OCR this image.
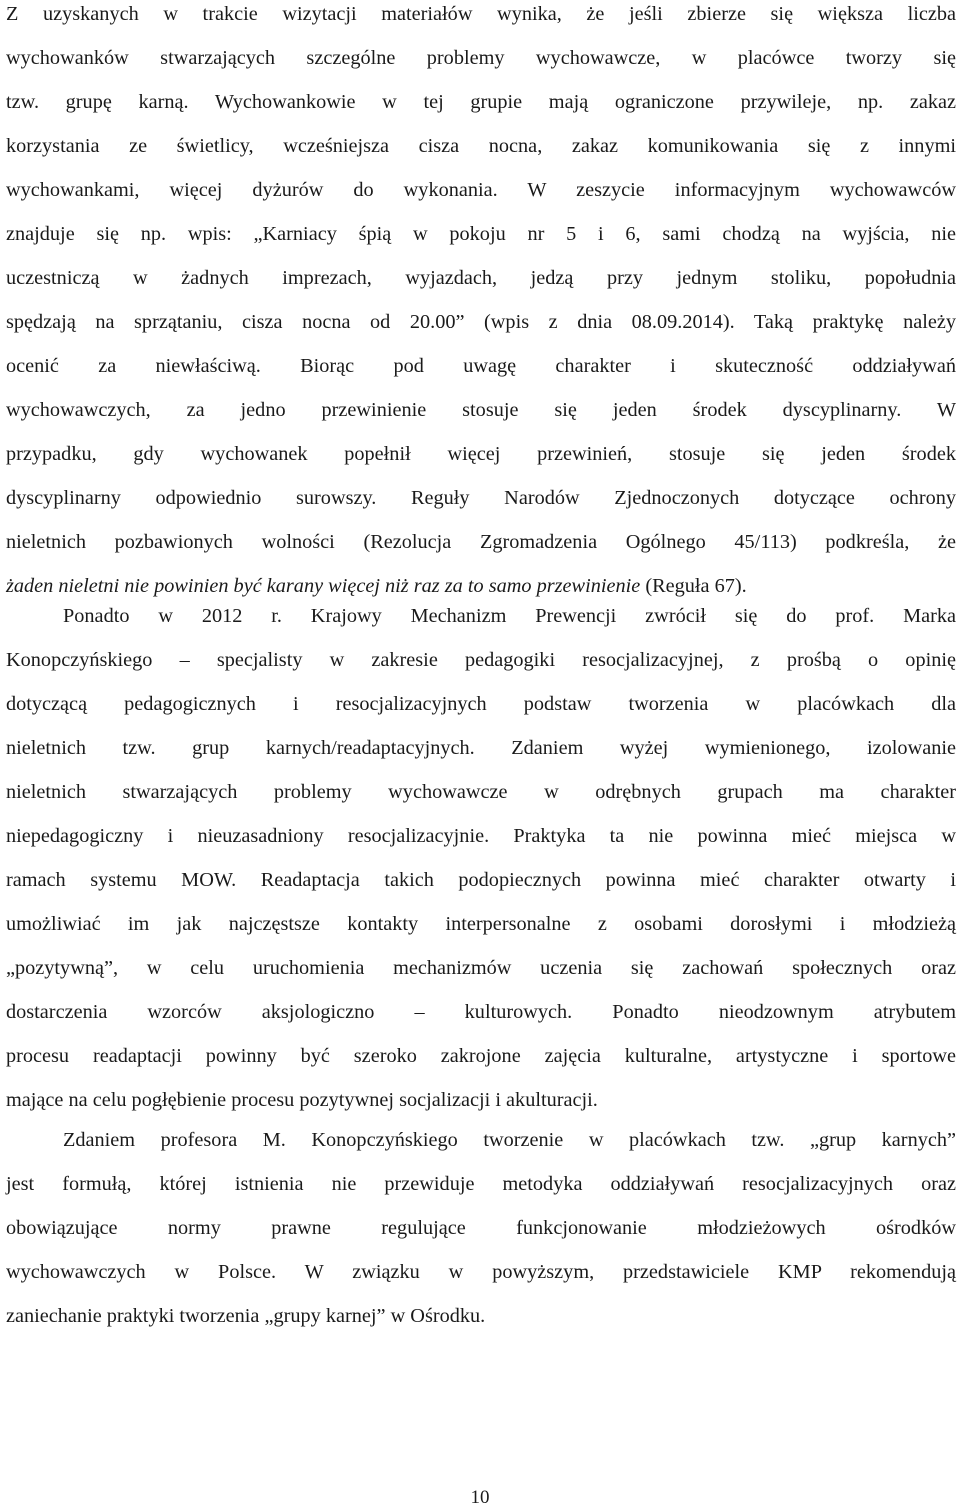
Z uzyskanych w trakcie wizytacji materiałów wynika, że jeśli zbierze się większa liczba
wychowanków stwarzających szczególne problemy wychowawcze, w placówce tworzy się
tzw. grupę karną. Wychowankowie w tej grupie mają ograniczone przywileje, np. zakaz
korzystania ze świetlicy, wcześniejsza cisza nocna, zakaz komunikowania się z innymi
wychowankami, więcej dyżurów do wykonania. W zeszycie informacyjnym wychowawców
znajduje się np. wpis: „Karniacy śpią w pokoju nr 5 i 6, sami chodzą na wyjścia, nie
uczestniczą w żadnych imprezach, wyjazdach, jedzą przy jednym stoliku, popołudnia
spędzają na sprzątaniu, cisza nocna od 20.00” (wpis z dnia 08.09.2014). Taką praktykę należy
ocenić za niewłaściwą. Biorąc pod uwagę charakter i skuteczność oddziaływań
wychowawczych, za jedno przewinienie stosuje się jeden środek dyscyplinarny. W
przypadku, gdy wychowanek popełnił więcej przewinień, stosuje się jeden środek
dyscyplinarny odpowiednio surowszy. Reguły Narodów Zjednoczonych dotyczące ochrony
nieletnich pozbawionych wolności (Rezolucja Zgromadzenia Ogólnego 45/113) podkreśla, że
żaden nieletni nie powinien być karany więcej niż raz za to samo przewinienie (Reguła 67).
Ponadto w 2012 r. Krajowy Mechanizm Prewencji zwrócił się do prof. Marka
Konopczyńskiego – specjalisty w zakresie pedagogiki resocjalizacyjnej, z prośbą o opinię
dotyczącą pedagogicznych i resocjalizacyjnych podstaw tworzenia w placówkach dla
nieletnich tzw. grup karnych/readaptacyjnych. Zdaniem wyżej wymienionego, izolowanie
nieletnich stwarzających problemy wychowawcze w odrębnych grupach ma charakter
niepedagogiczny i nieuzasadniony resocjalizacyjnie. Praktyka ta nie powinna mieć miejsca w
ramach systemu MOW. Readaptacja takich podopiecznych powinna mieć charakter otwarty i
umożliwiać im jak najczęstsze kontakty interpersonalne z osobami dorosłymi i młodzieżą
„pozytywną”, w celu uruchomienia mechanizmów uczenia się zachowań społecznych oraz
dostarczenia wzorców aksjologiczno – kulturowych. Ponadto nieodzownym atrybutem
procesu readaptacji powinny być szeroko zakrojone zajęcia kulturalne, artystyczne i sportowe
mające na celu pogłębienie procesu pozytywnej socjalizacji i akulturacji.
Zdaniem profesora M. Konopczyńskiego tworzenie w placówkach tzw. „grup karnych”
jest formułą, której istnienia nie przewiduje metodyka oddziaływań resocjalizacyjnych oraz
obowiązujące normy prawne regulujące funkcjonowanie młodzieżowych ośrodków
wychowawczych w Polsce. W związku w powyższym, przedstawiciele KMP rekomendują
zaniechanie praktyki tworzenia „grupy karnej” w Ośrodku.
10
